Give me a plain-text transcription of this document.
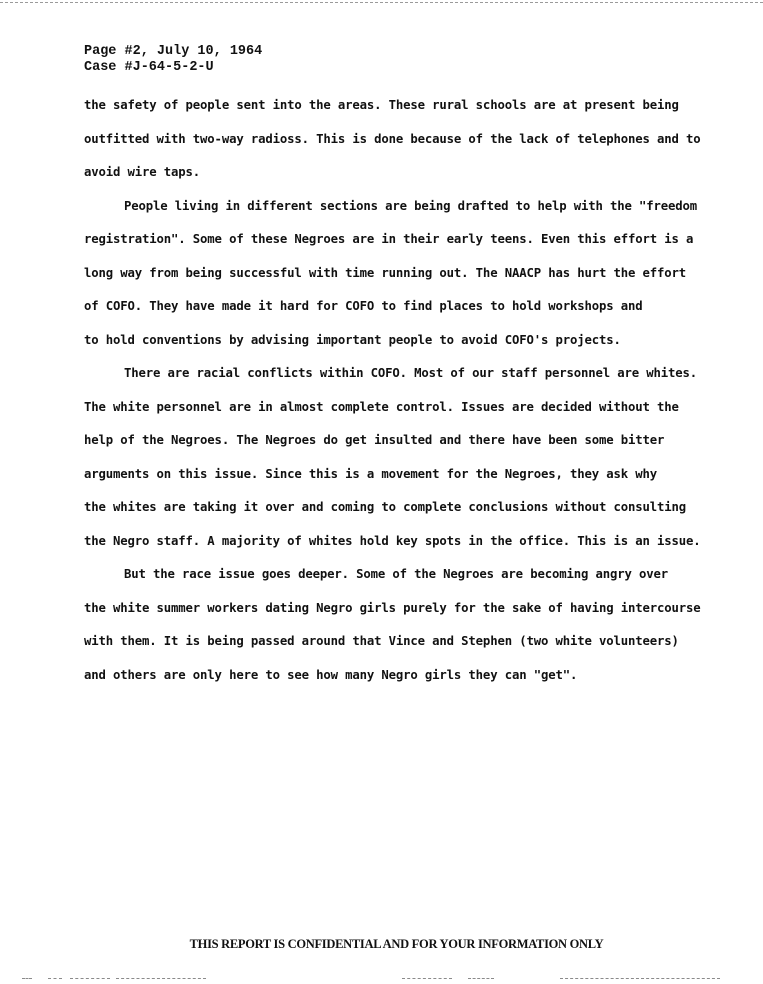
Page #2, July 10, 1964
Case #J-64-5-2-U
the safety of people sent into the areas. These rural schools are at present being
outfitted with two-way radioss. This is done because of the lack of telephones and to
avoid wire taps.
People living in different sections are being drafted to help with the "freedom
registration". Some of these Negroes are in their early teens. Even this effort is a
long way from being successful with time running out. The NAACP has hurt the effort
of COFO. They have made it hard for COFO to find places to hold workshops and
to hold conventions by advising important people to avoid COFO's projects.
There are racial conflicts within COFO. Most of our staff personnel are whites.
The white personnel are in almost complete control. Issues are decided without the
help of the Negroes. The Negroes do get insulted and there have been some bitter
arguments on this issue. Since this is a movement for the Negroes, they ask why
the whites are taking it over and coming to complete conclusions without consulting
the Negro staff. A majority of whites hold key spots in the office. This is an issue.
But the race issue goes deeper. Some of the Negroes are becoming angry over
the white summer workers dating Negro girls purely for the sake of having intercourse
with them. It is being passed around that Vince and Stephen (two white volunteers)
and others are only here to see how many Negro girls they can "get".
THIS REPORT IS CONFIDENTIAL AND FOR YOUR INFORMATION ONLY
